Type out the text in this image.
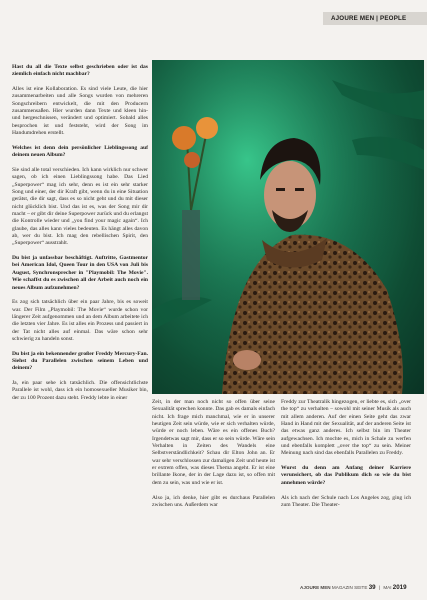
AJOURE MEN | PEOPLE

Hast du all die Texte selbst geschrieben oder ist das ziemlich einfach nicht machbar?

Alles ist eine Kollaboration. Es sind viele Leute, die hier zusammenarbeiten und alle Songs wurden von mehreren Songschreibern entwickelt, die mit den Producern zusammensaßen. Hier wurden dann Texte und kleen hin- und hergeschnissen, verändert und optimiert. Sobald alles besprochen ist und feststeht, wird der Song im Handumdrehen erstellt.

Welches ist denn dein persönlicher Lieblingssong auf deinem neuen Album?

Sie sind alle total verschieden. Ich kann wirklich nur schwer sagen, ob ich einen Lieblingssong habe. Das Lied „Superpower“ mag ich sehr, denn es ist ein sehr starker Song und einer, der dir Kraft gibt, wenn du in eine Situation gerätst, die dir sagt, dass es so nicht geht und du mit dieser nicht glücklich bist. Und das ist es, was der Song mir dir macht – er gibt dir deine Superpower zurück und du erlangst die Kontrolle wieder und „you find your magic again“. Ich glaube, das alles kann vieles bedeuten. Es hängt alles davon ab, wer du bist. Ich mag den rebellischen Spirit, den „Superpower“ ausstrahlt.

Du bist ja unfassbar beschäftigt. Auftritte, Gastmentor bei American Idol, Queen Tour in den USA von Juli bis August, Synchronsprecher in "Playmobil: The Movie". Wie schaffst du es zwischen all der Arbeit auch noch ein neues Album aufzunehmen?

Es zog sich tatsächlich über ein paar Jahre, bis es soweit war. Der Film „Playmobil: The Movie“ wurde schon vor längerer Zeit aufgenommen und an dem Album arbeitete ich die letzten vier Jahre. Es ist alles ein Prozess und passiert in der Tat nicht alles auf einmal. Das wäre schon sehr schwierig zu handeln sonst.

Du bist ja ein bekennender großer Freddy Mercury-Fan. Siehst du Parallelen zwischen seinem Leben und deinem?

Ja, ein paar sehe ich tatsächlich. Die offensichtlichste Parallele ist wohl, dass ich ein homosexueller Musiker bin, der zu 100 Prozent dazu steht. Freddy lebte in einer

Zeit, in der man noch nicht so offen über seine Sexualität sprechen konnte. Das gab es damals einfach nicht. Ich frage mich manchmal, wie er in unserer heutigen Zeit sein würde, wie er sich verhalten würde, würde er noch leben. Wäre es ein offenes Buch? Irgendetwas sagt mir, dass er so sein würde. Wäre sein Verhalten in Zeiten des Wandels eine Selbstverständlichkeit? Schau dir Elton John an. Er war sehr verschlossen zur damaligen Zeit und heute ist er extrem offen, was dieses Thema angeht. Er ist eine brillante Ikone, der in der Lage dazu ist, so offen mit dem zu sein, was und wie er ist.

Also ja, ich denke, hier gibt es durchaus Parallelen zwischen uns. Außerdem war

Freddy zur Theatralik hingezogen, er liebte es, sich „over the top“ zu verhalten – sowohl mit seiner Musik als auch mit allem anderen. Auf der einen Seite geht das zwar Hand in Hand mit der Sexualität, auf der anderen Seite ist das etwas ganz anderes. Ich selbst bin im Theater aufgewachsen. Ich mochte es, mich in Schale zu werfen und ebenfalls komplett „over the top“ zu sein. Meiner Meinung nach sind das ebenfalls Parallelen zu Freddy.

Wurst du denn am Anfang deiner Karriere verunsichert, ob das Publikum dich so wie du bist annehmen würde?

Als ich nach der Schule nach Los Angeles zog, ging ich zum Theater. Die Theater-

AJOURE MEN MAGAZIN SEITE 39 | MAI 2019
